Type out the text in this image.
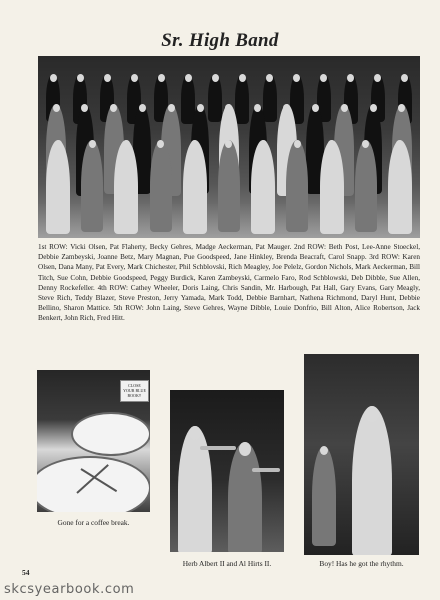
Sr. High Band
1st ROW: Vicki Olsen, Pat Flaherty, Becky Gehres, Madge Aeckerman, Pat Mauger. 2nd ROW: Beth Post, Lee-Anne Stoeckel, Debbie Zambeyski, Joanne Betz, Mary Magnan, Pue Goodspeed, Jane Hinkley, Brenda Beacraft, Carol Snapp. 3rd ROW: Karen Olsen, Dana Many, Pat Every, Mark Chichester, Phil Schblovski, Rich Meagley, Joe Pelelz, Gordon Nichols, Mark Aeckerman, Bill Titch, Sue Cohn, Debbie Goodspeed, Peggy Burdick, Karen Zambeyski, Carmelo Faro, Rod Schblowski, Deb Dibble, Sue Allen, Denny Rockefeller. 4th ROW: Cathey Wheeler, Doris Laing, Chris Sandin, Mr. Harbough, Pat Hall, Gary Evans, Gary Meagly, Steve Rich, Teddy Blazer, Steve Preston, Jerry Yamada, Mark Todd, Debbie Barnhart, Nathena Richmond, Daryl Hunt, Debbie Bellino, Sharon Mattice. 5th ROW: John Laing, Steve Gehres, Wayne Dibble, Louie Donfrio, Bill Alton, Alice Robertson, Jack Benkert, John Rich, Fred Hitt.
CLOSE
YOUR BLUE
BOOK!!
Gone for a coffee break.
Herb Albert II and Al Hirts II.	Boy! Has he got the rhythm.
54
skcsyearbook.com
